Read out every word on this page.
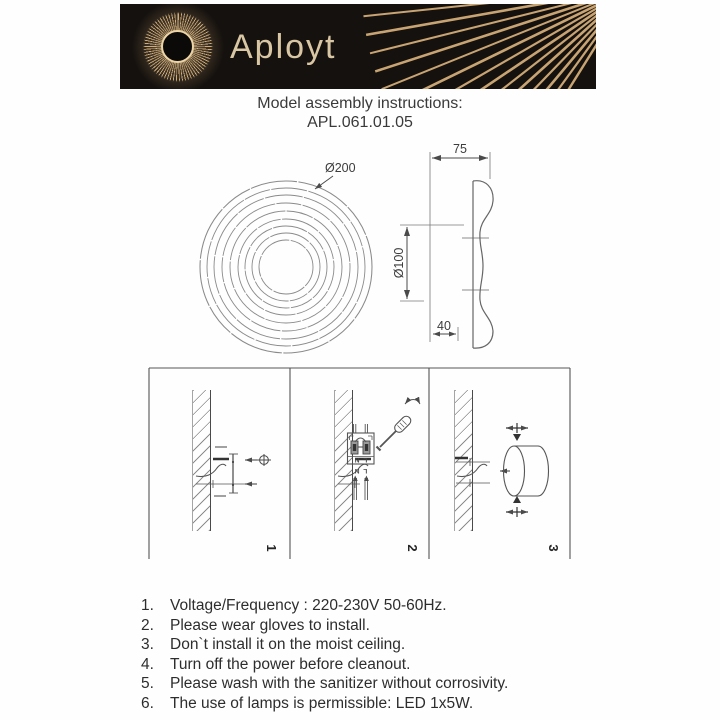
Aployt
Model assembly instructions:
APL.061.01.05
Ø200
75
Ø100
40
L N
L N
1	2	3
1.	Voltage/Frequency : 220-230V 50-60Hz.
2.	Please wear gloves to install.
3.	Don`t install it on the moist ceiling.
4.	Turn off the power before cleanout.
5.	Please wash with the sanitizer without corrosivity.
6.	The use of lamps is permissible: LED 1x5W.
